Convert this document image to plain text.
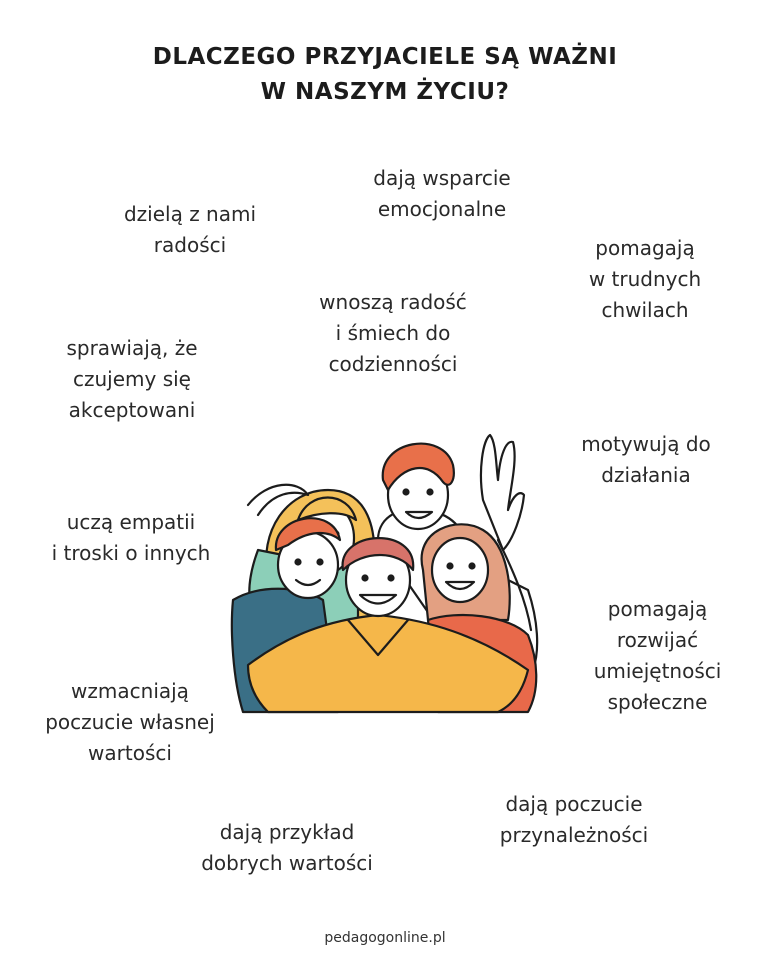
DLACZEGO PRZYJACIELE SĄ WAŻNI
W NASZYM ŻYCIU?
dają wsparcie
emocjonalne
dzielą z nami
radości	pomagają
w trudnych
chwilach
wnoszą radość
i śmiech do
codzienności
sprawiają, że
czujemy się
akceptowani
motywują do
działania
uczą empatii
i troski o innych
pomagają
rozwijać
umiejętności
społeczne
wzmacniają
poczucie własnej
wartości
dają poczucie
przynależności
dają przykład
dobrych wartości
pedagogonline.pl
